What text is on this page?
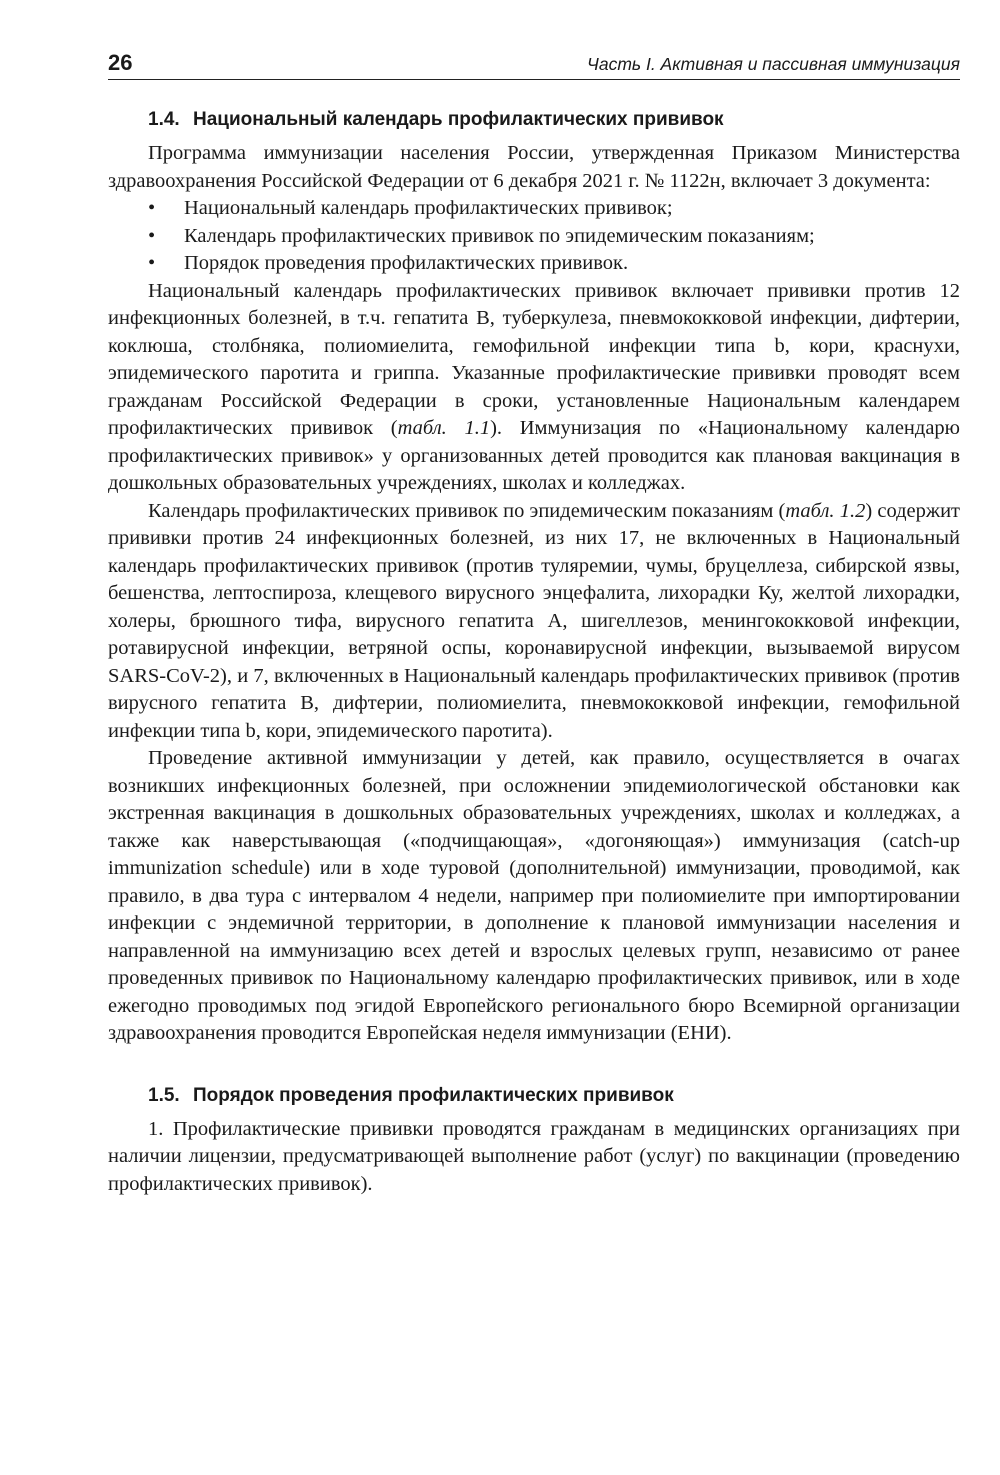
26	Часть I. Активная и пассивная иммунизация
1.4. Национальный календарь профилактических прививок

Программа иммунизации населения России, утвержденная Приказом Министерства здравоохранения Российской Федерации от 6 декабря 2021 г. № 1122н, включает 3 документа:

• Национальный календарь профилактических прививок;
• Календарь профилактических прививок по эпидемическим показаниям;
• Порядок проведения профилактических прививок.

Национальный календарь профилактических прививок включает прививки против 12 инфекционных болезней, в т.ч. гепатита В, туберкулеза, пневмококковой инфекции, дифтерии, коклюша, столбняка, полиомиелита, гемофильной инфекции типа b, кори, краснухи, эпидемического паротита и гриппа. Указанные профилактические прививки проводят всем гражданам Российской Федерации в сроки, установленные Национальным календарем профилактических прививок (табл. 1.1). Иммунизация по «Национальному календарю профилактических прививок» у организованных детей проводится как плановая вакцинация в дошкольных образовательных учреждениях, школах и колледжах.

Календарь профилактических прививок по эпидемическим показаниям (табл. 1.2) содержит прививки против 24 инфекционных болезней, из них 17, не включенных в Национальный календарь профилактических прививок (против туляремии, чумы, бруцеллеза, сибирской язвы, бешенства, лептоспироза, клещевого вирусного энцефалита, лихорадки Ку, желтой лихорадки, холеры, брюшного тифа, вирусного гепатита А, шигеллезов, менингококковой инфекции, ротавирусной инфекции, ветряной оспы, коронавирусной инфекции, вызываемой вирусом SARS-CoV-2), и 7, включенных в Национальный календарь профилактических прививок (против вирусного гепатита В, дифтерии, полиомиелита, пневмококковой инфекции, гемофильной инфекции типа b, кори, эпидемического паротита).

Проведение активной иммунизации у детей, как правило, осуществляется в очагах возникших инфекционных болезней, при осложнении эпидемиологической обстановки как экстренная вакцинация в дошкольных образовательных учреждениях, школах и колледжах, а также как наверстывающая («подчищающая», «догоняющая») иммунизация (catch-up immunization schedule) или в ходе туровой (дополнительной) иммунизации, проводимой, как правило, в два тура с интервалом 4 недели, например при полиомиелите при импортировании инфекции с эндемичной территории, в дополнение к плановой иммунизации населения и направленной на иммунизацию всех детей и взрослых целевых групп, независимо от ранее проведенных прививок по Национальному календарю профилактических прививок, или в ходе ежегодно проводимых под эгидой Европейского регионального бюро Всемирной организации здравоохранения проводится Европейская неделя иммунизации (ЕНИ).

1.5. Порядок проведения профилактических прививок

1. Профилактические прививки проводятся гражданам в медицинских организациях при наличии лицензии, предусматривающей выполнение работ (услуг) по вакцинации (проведению профилактических прививок).
